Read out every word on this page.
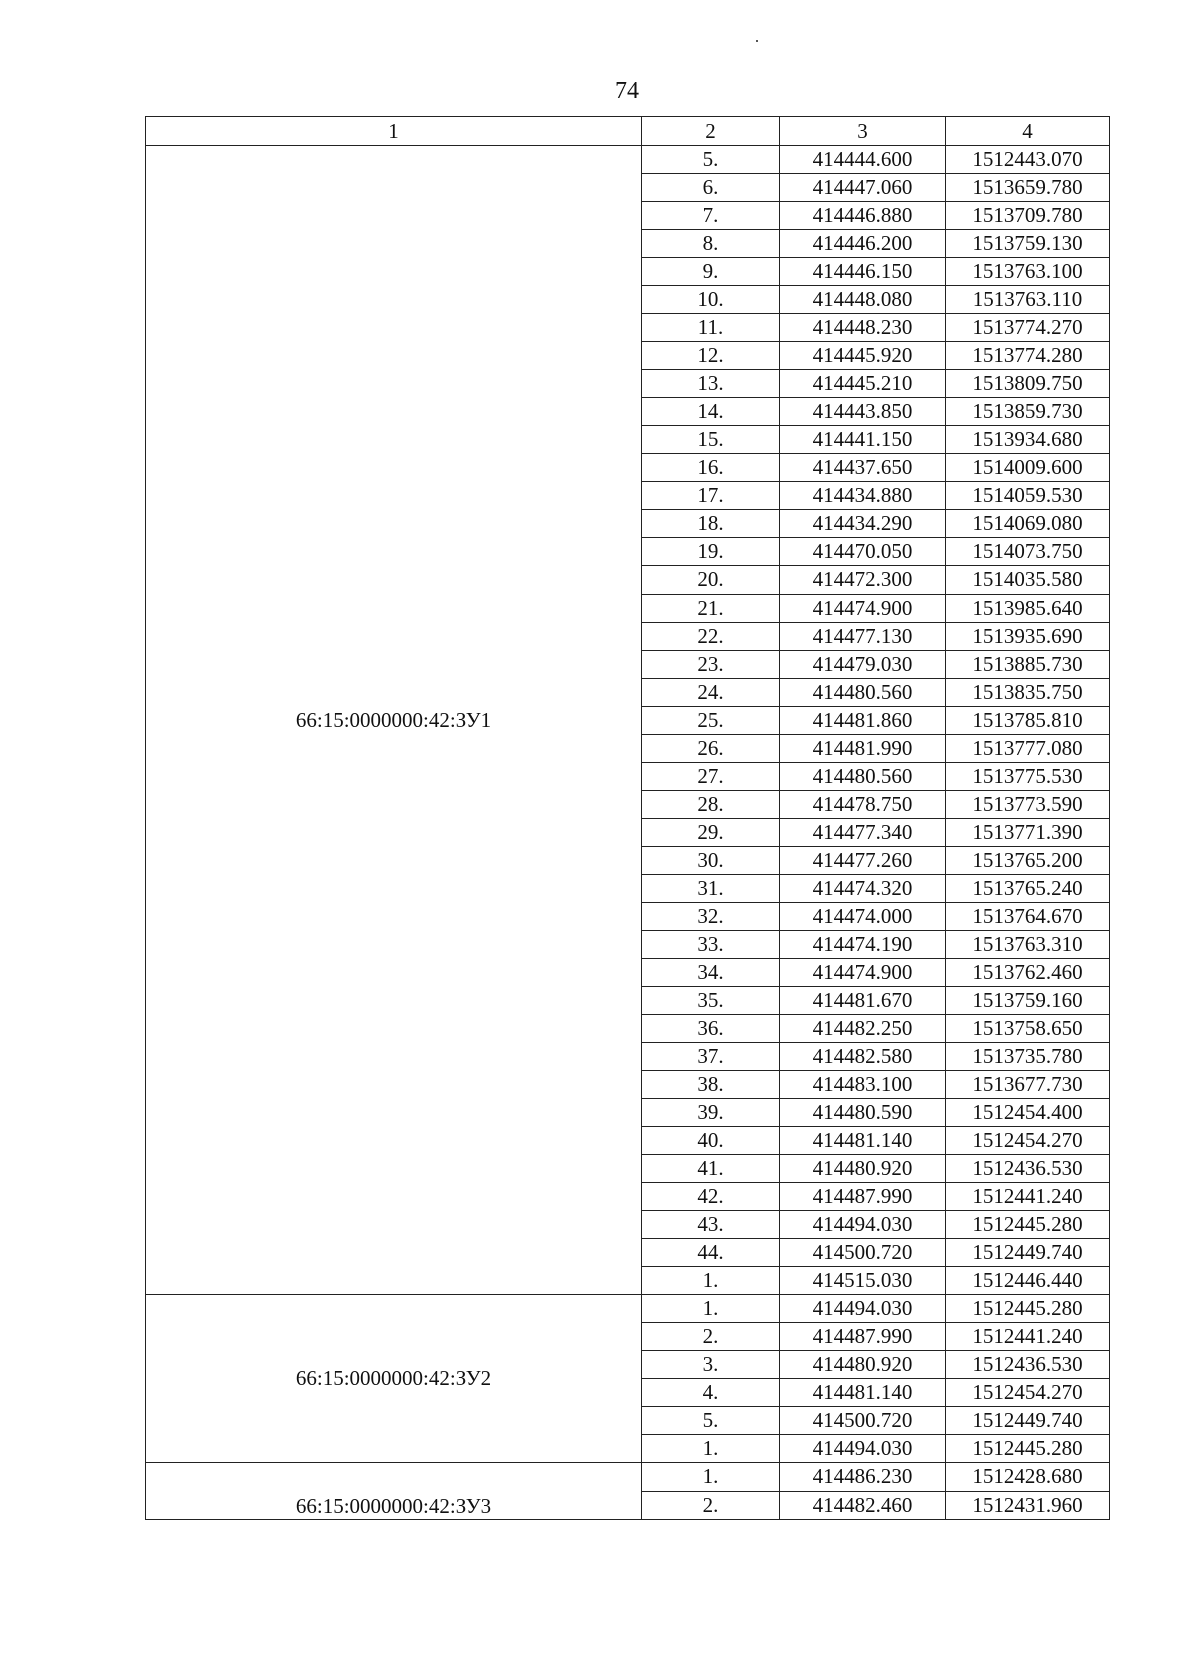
74
1	2	3	4
66:15:0000000:42:ЗУ1	5.	414444.600	1512443.070
	6.	414447.060	1513659.780
	7.	414446.880	1513709.780
	8.	414446.200	1513759.130
	9.	414446.150	1513763.100
	10.	414448.080	1513763.110
	11.	414448.230	1513774.270
	12.	414445.920	1513774.280
	13.	414445.210	1513809.750
	14.	414443.850	1513859.730
	15.	414441.150	1513934.680
	16.	414437.650	1514009.600
	17.	414434.880	1514059.530
	18.	414434.290	1514069.080
	19.	414470.050	1514073.750
	20.	414472.300	1514035.580
	21.	414474.900	1513985.640
	22.	414477.130	1513935.690
	23.	414479.030	1513885.730
	24.	414480.560	1513835.750
	25.	414481.860	1513785.810
	26.	414481.990	1513777.080
	27.	414480.560	1513775.530
	28.	414478.750	1513773.590
	29.	414477.340	1513771.390
	30.	414477.260	1513765.200
	31.	414474.320	1513765.240
	32.	414474.000	1513764.670
	33.	414474.190	1513763.310
	34.	414474.900	1513762.460
	35.	414481.670	1513759.160
	36.	414482.250	1513758.650
	37.	414482.580	1513735.780
	38.	414483.100	1513677.730
	39.	414480.590	1512454.400
	40.	414481.140	1512454.270
	41.	414480.920	1512436.530
	42.	414487.990	1512441.240
	43.	414494.030	1512445.280
	44.	414500.720	1512449.740
	1.	414515.030	1512446.440
66:15:0000000:42:ЗУ2	1.	414494.030	1512445.280
	2.	414487.990	1512441.240
	3.	414480.920	1512436.530
	4.	414481.140	1512454.270
	5.	414500.720	1512449.740
	1.	414494.030	1512445.280
66:15:0000000:42:ЗУ3	1.	414486.230	1512428.680
	2.	414482.460	1512431.960
